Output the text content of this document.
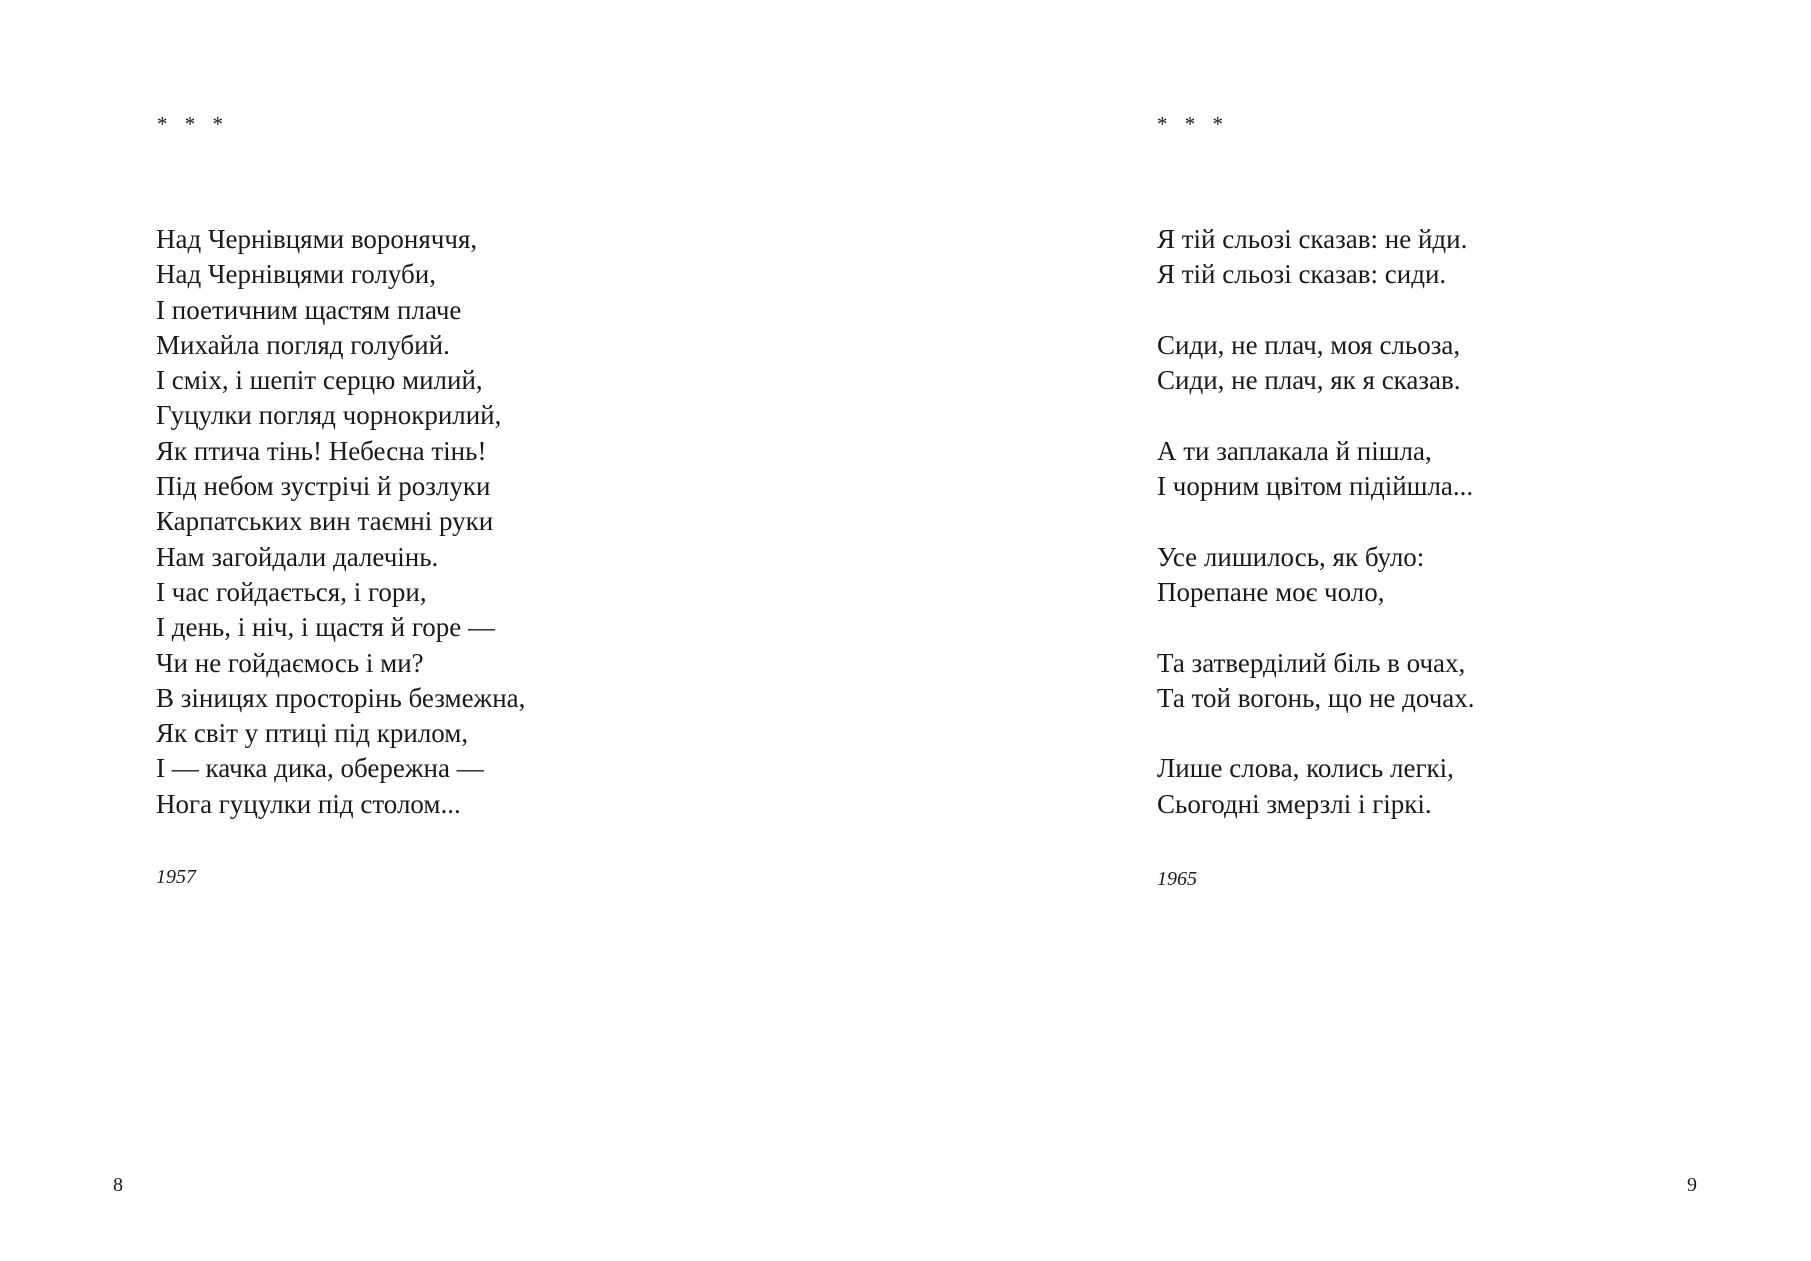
* * *
Над Чернівцями вороняччя,
Над Чернівцями голуби,
І поетичним щастям плаче
Михайла погляд голубий.
І сміх, і шепіт серцю милий,
Гуцулки погляд чорнокрилий,
Як птича тінь! Небесна тінь!
Під небом зустрічі й розлуки
Карпатських вин таємні руки
Нам загойдали далечінь.
І час гойдається, і гори,
І день, і ніч, і щастя й горе —
Чи не гойдаємось і ми?
В зіницях просторінь безмежна,
Як світ у птиці під крилом,
І — качка дика, обережна —
Нога гуцулки під столом...
1957
8
* * *
Я тій сльозі сказав: не йди.
Я тій сльозі сказав: сиди.
Сиди, не плач, моя сльоза,
Сиди, не плач, як я сказав.
А ти заплакала й пішла,
І чорним цвітом підійшла...
Усе лишилось, як було:
Порепане моє чоло,
Та затверділий біль в очах,
Та той вогонь, що не дочах.
Лише слова, колись легкі,
Сьогодні змерзлі і гіркі.
1965
9
